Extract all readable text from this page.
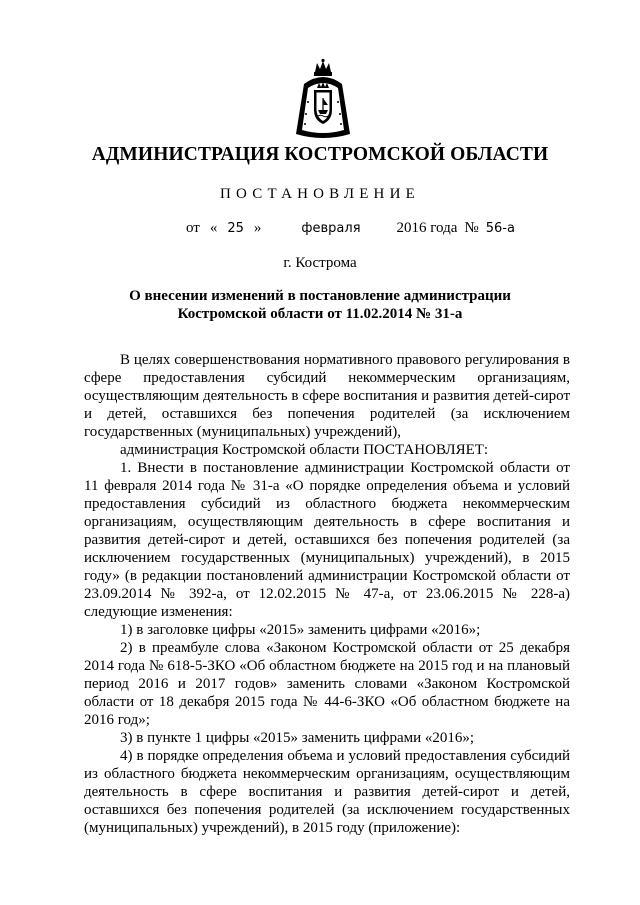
АДМИНИСТРАЦИЯ КОСТРОМСКОЙ ОБЛАСТИ
ПОСТАНОВЛЕНИЕ
от « 25 »	февраля 2016 года № 56-а
г. Кострома
О внесении изменений в постановление администрации
Костромской области от 11.02.2014 № 31-а

В целях совершенствования нормативного правового регулирования в сфере предоставления субсидий некоммерческим организациям, осуществляющим деятельность в сфере воспитания и развития детей-сирот и детей, оставшихся без попечения родителей (за исключением государственных (муниципальных) учреждений),

администрация Костромской области ПОСТАНОВЛЯЕТ:

1. Внести в постановление администрации Костромской области от 11 февраля 2014 года № 31-а «О порядке определения объема и условий предоставления субсидий из областного бюджета некоммерческим организациям, осуществляющим деятельность в сфере воспитания и развития детей-сирот и детей, оставшихся без попечения родителей (за исключением государственных (муниципальных) учреждений), в 2015 году» (в редакции постановлений администрации Костромской области от 23.09.2014 № 392-а, от 12.02.2015 № 47-а, от 23.06.2015 № 228-а) следующие изменения:

1) в заголовке цифры «2015» заменить цифрами «2016»;

2) в преамбуле слова «Законом Костромской области от 25 декабря 2014 года № 618-5-ЗКО «Об областном бюджете на 2015 год и на плановый период 2016 и 2017 годов» заменить словами «Законом Костромской области от 18 декабря 2015 года № 44-6-ЗКО «Об областном бюджете на 2016 год»;

3) в пункте 1 цифры «2015» заменить цифрами «2016»;

4) в порядке определения объема и условий предоставления субсидий из областного бюджета некоммерческим организациям, осуществляющим деятельность в сфере воспитания и развития детей-сирот и детей, оставшихся без попечения родителей (за исключением государственных (муниципальных) учреждений), в 2015 году (приложение):
